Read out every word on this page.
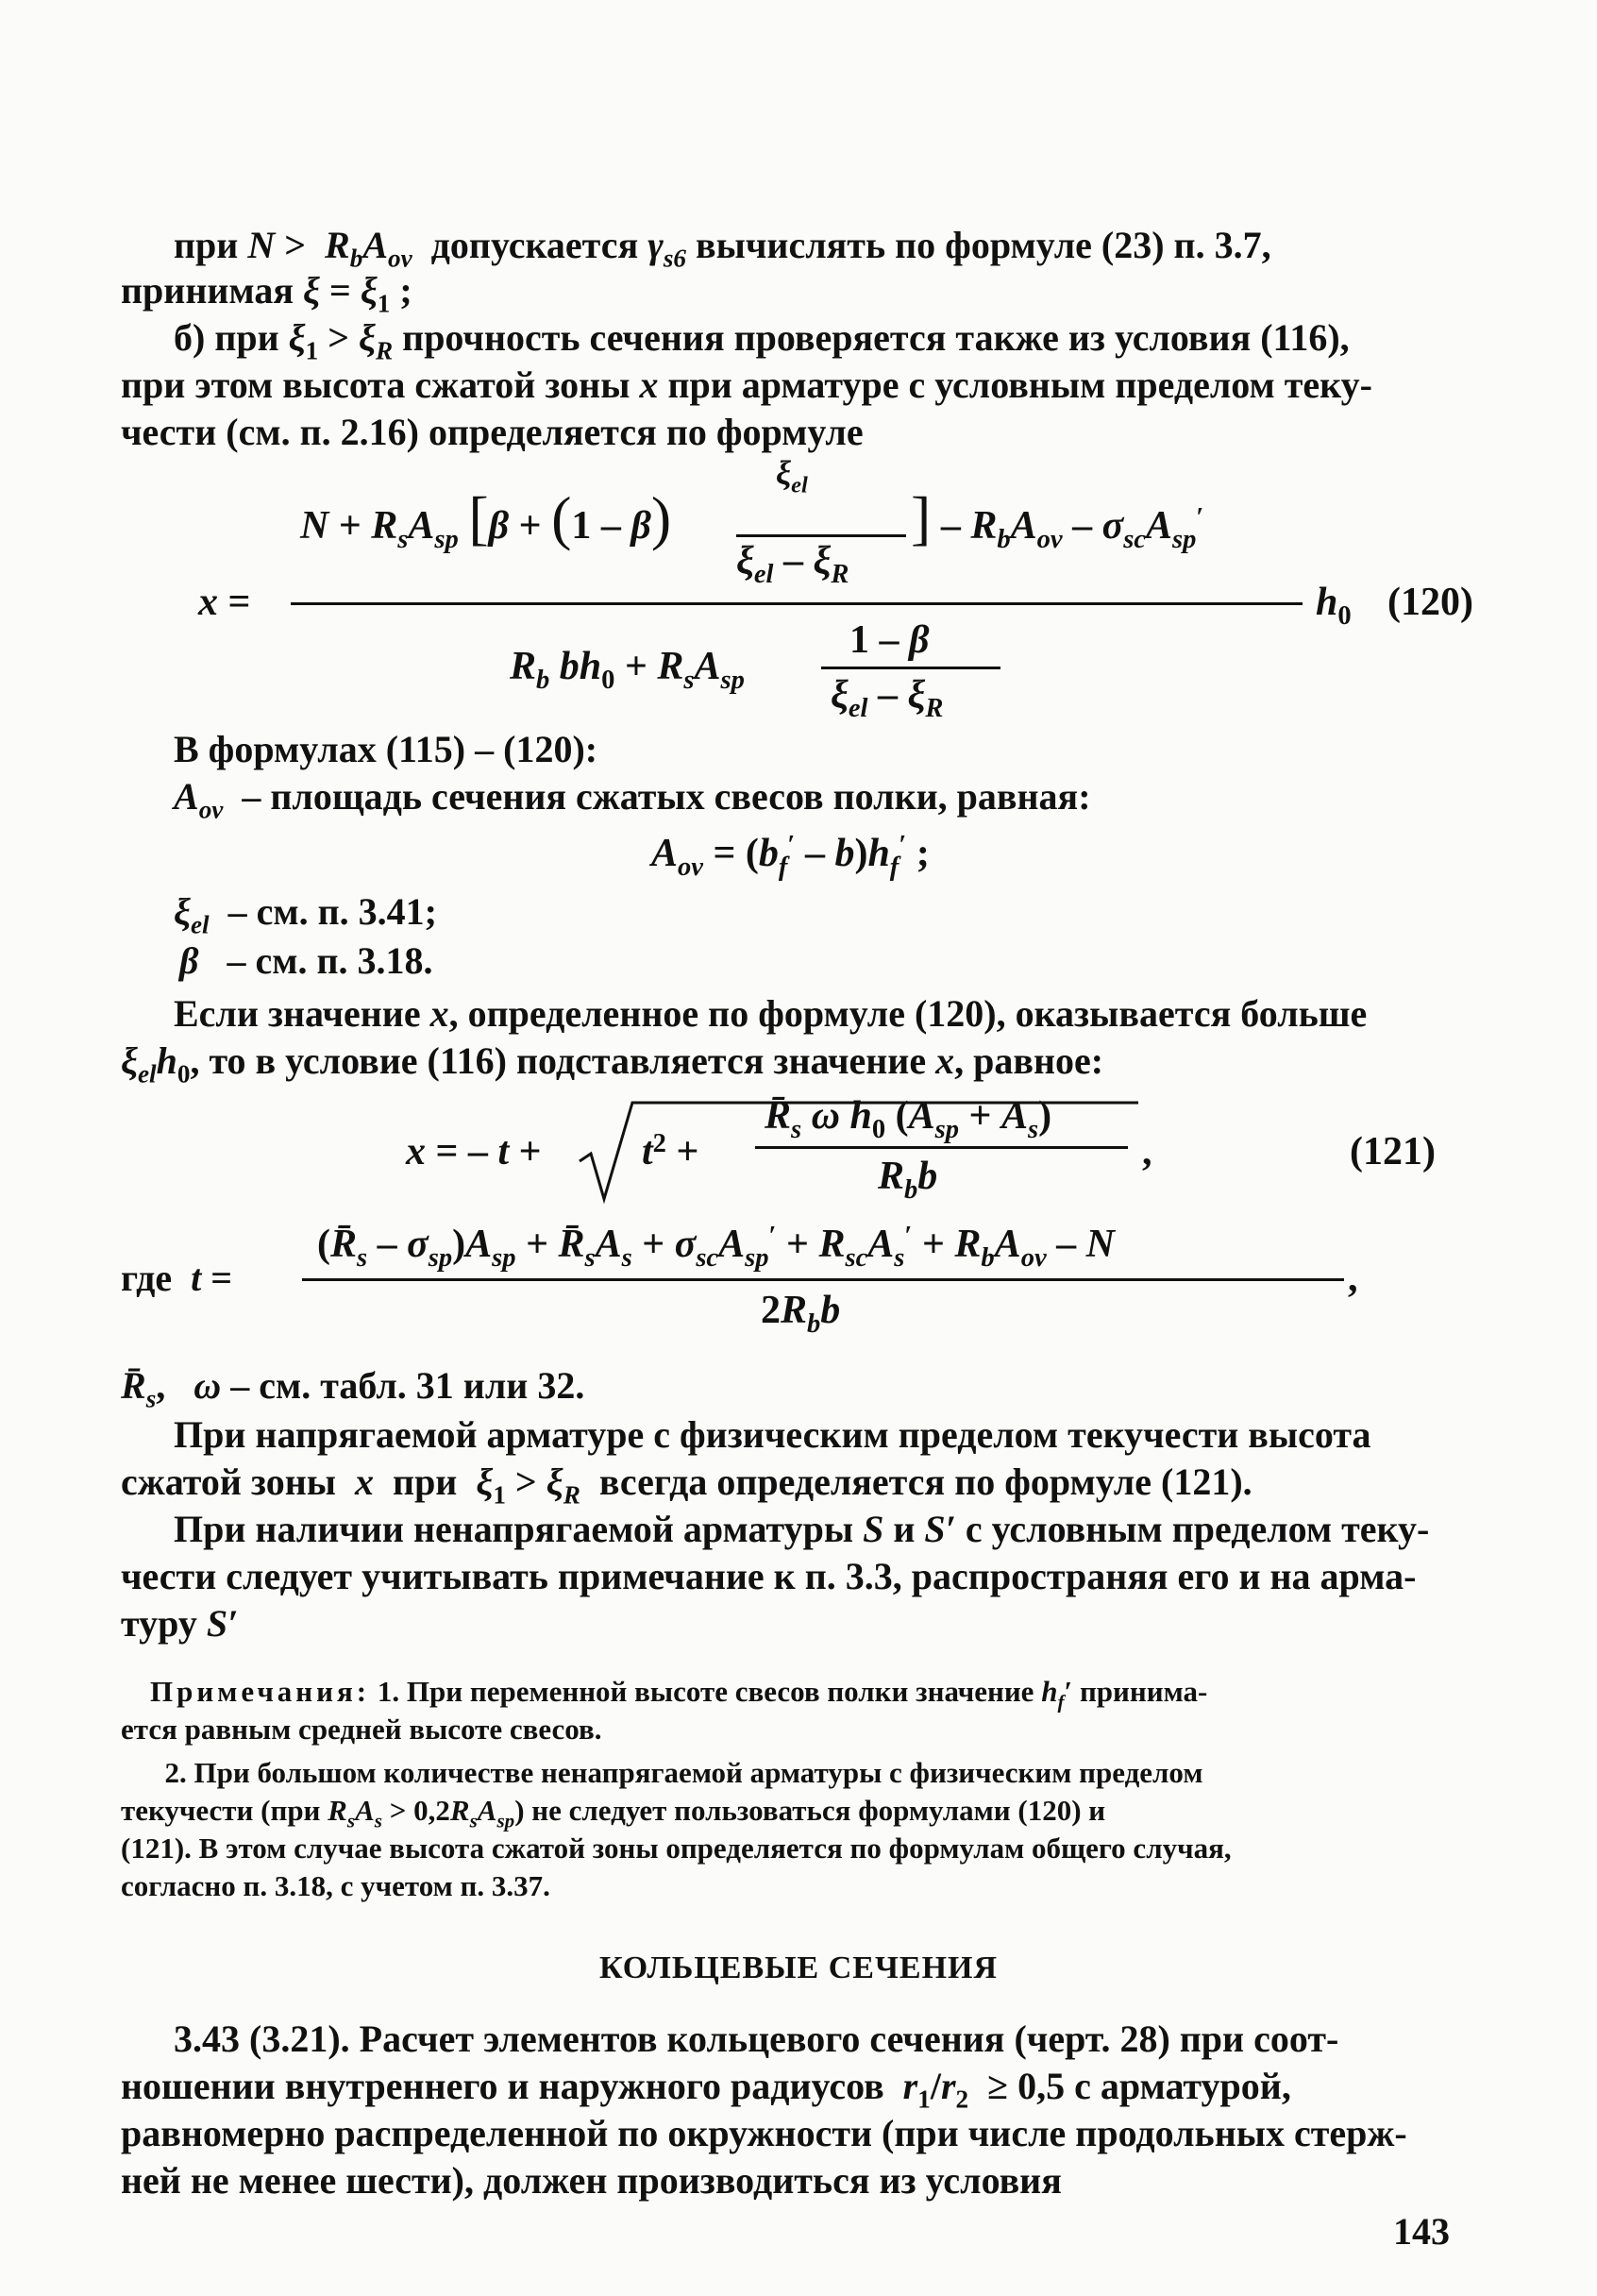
при $N > R_bA_{ov}$ допускается $\gamma_{s6}$ вычислять по формуле (23) п. 3.7,
принимая $\xi = \xi_1$ ;
б) при $\xi_1 > \xi_R$ прочность сечения проверяется также из условия (116),
при этом высота сжатой зоны x при арматуре с условным пределом теку-
чести (см. п. 2.16) определяется по формуле
$\xi_{el}$
$N + R_sA_{sp}$ [β + (1 – β)	] – $R_bA_{ov} - \sigma_{sc}A_{sp}'$
$\xi_{el} - \xi_R$
x =	$h_0$ (120)
1 – β
$R_b$ $bh_0 + R_sA_{sp}$ $\xi_{el} - \xi_R$
В формулах (115) – (120):
$A_{ov}$ – площадь сечения сжатых свесов полки, равная:
$A_{ov} = (b_f' - b)h_f'$ ;
$\xi_{el}$ – см. п. 3.41;
β – см. п. 3.18.
Если значение x, определенное по формуле (120), оказывается больше
$\xi_{el}h_0$, то в условие (116) подставляется значение x, равное:
x = – t +	$t^2$ +
$R̄_s$ ω $h_0$ $(A_{sp} + A_s)$
$R_bb$
,	(121)
$(R̄_s - \sigma_{sp})A_{sp}$ + $R̄_sA_s + \sigma_{sc}A_{sp}' + R_{sc}A_s' + R_bA_{ov} - N$
где t =	,
$2R_bb$
$R̄_s$,   ω – см. табл. 31 или 32.
При напрягаемой арматуре с физическим пределом текучести высота
сжатой зоны x при $\xi_1 > \xi_R$ всегда определяется по формуле (121).
При наличии ненапрягаемой арматуры S и S′ с условным пределом теку-
чести следует учитывать примечание к п. 3.3, распространяя его и на арма-
туру S′
Примечания: 1. При переменной высоте свесов полки значение $h_f'$ принима-
ется равным средней высоте свесов.
2. При большом количестве ненапрягаемой арматуры с физическим пределом
текучести (при $R_sA_s > 0,2R_sA_{sp}$) не следует пользоваться формулами (120) и
(121). В этом случае высота сжатой зоны определяется по формулам общего случая,
согласно п. 3.18, с учетом п. 3.37.
КОЛЬЦЕВЫЕ СЕЧЕНИЯ
3.43 (3.21). Расчет элементов кольцевого сечения (черт. 28) при соот-
ношении внутреннего и наружного радиусов $r_1/r_2 \ge 0,5$ с арматурой,
равномерно распределенной по окружности (при числе продольных стерж-
ней не менее шести), должен производиться из условия
143
